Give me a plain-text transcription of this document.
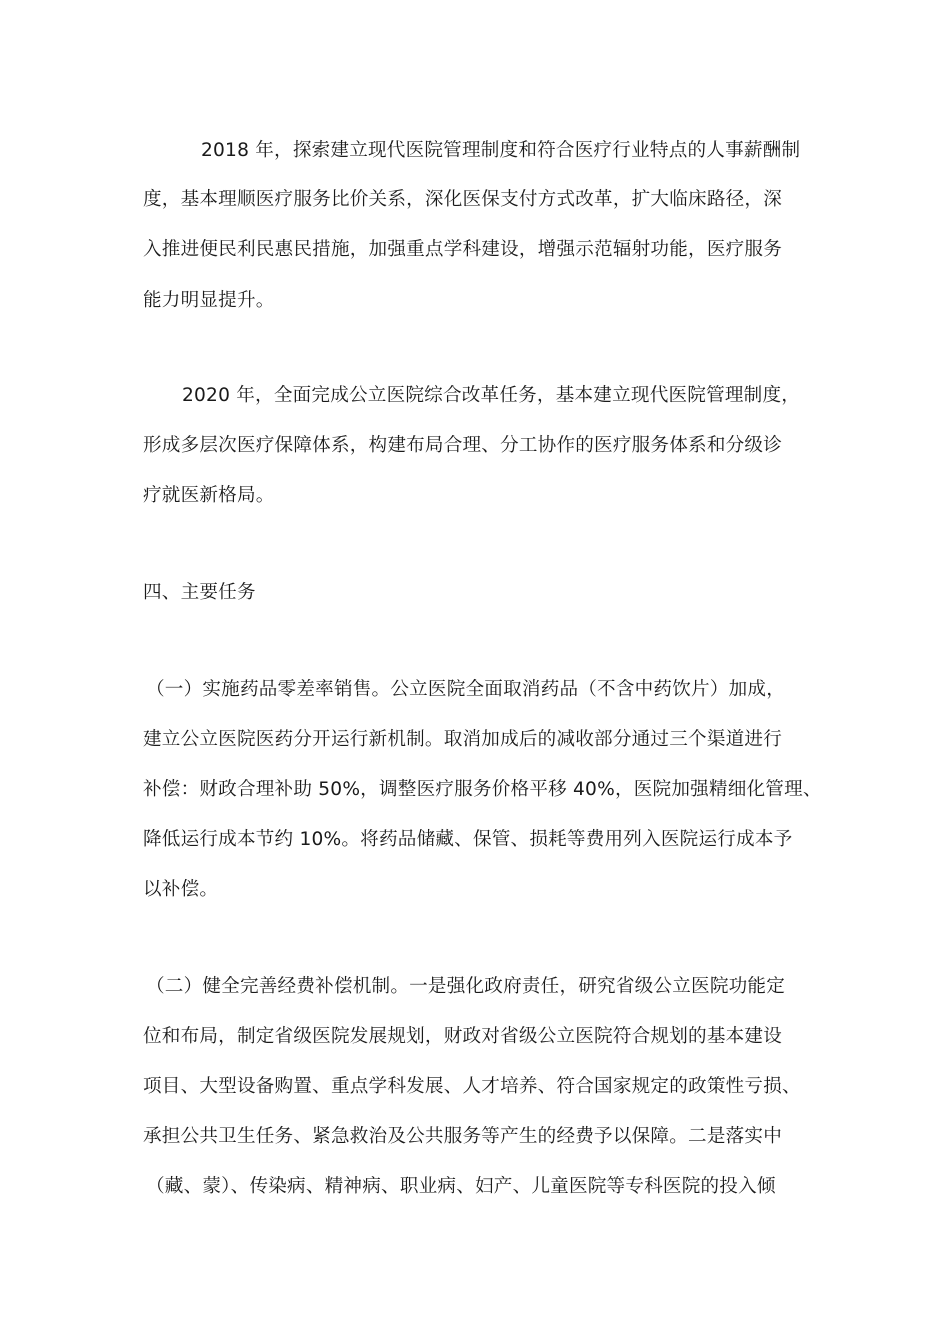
2018 年，探索建立现代医院管理制度和符合医疗行业特点的人事薪酬制
度，基本理顺医疗服务比价关系，深化医保支付方式改革，扩大临床路径，深
入推进便民利民惠民措施，加强重点学科建设，增强示范辐射功能，医疗服务
能力明显提升。
2020 年，全面完成公立医院综合改革任务，基本建立现代医院管理制度，
形成多层次医疗保障体系，构建布局合理、分工协作的医疗服务体系和分级诊
疗就医新格局。
四、主要任务
（一）实施药品零差率销售。公立医院全面取消药品（不含中药饮片）加成，
建立公立医院医药分开运行新机制。取消加成后的减收部分通过三个渠道进行
补偿：财政合理补助 50%，调整医疗服务价格平移 40%，医院加强精细化管理、
降低运行成本节约 10%。将药品储藏、保管、损耗等费用列入医院运行成本予
以补偿。
（二）健全完善经费补偿机制。一是强化政府责任，研究省级公立医院功能定
位和布局，制定省级医院发展规划，财政对省级公立医院符合规划的基本建设
项目、大型设备购置、重点学科发展、人才培养、符合国家规定的政策性亏损、
承担公共卫生任务、紧急救治及公共服务等产生的经费予以保障。二是落实中
（藏、蒙）、传染病、精神病、职业病、妇产、儿童医院等专科医院的投入倾
